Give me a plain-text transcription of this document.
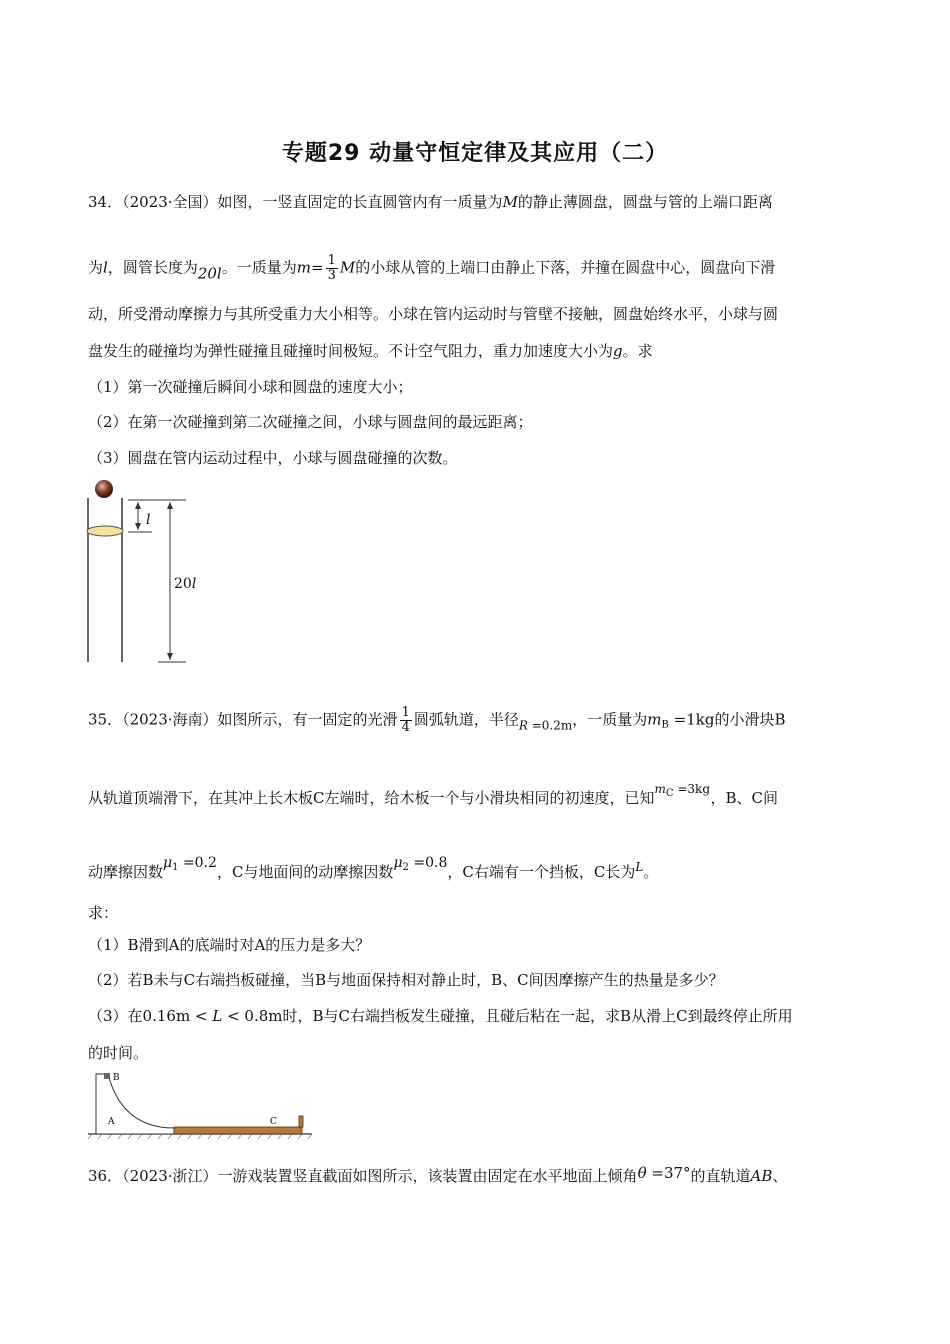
专题29 动量守恒定律及其应用（二）
34．（2023·全国）如图，一竖直固定的长直圆管内有一质量为M的静止薄圆盘，圆盘与管的上端口距离
为l，圆管长度为20l。一质量为$m= \frac{1}{3}$ M的小球从管的上端口由静止下落，并撞在圆盘中心，圆盘向下滑
动，所受滑动摩擦力与其所受重力大小相等。小球在管内运动时与管壁不接触，圆盘始终水平，小球与圆
盘发生的碰撞均为弹性碰撞且碰撞时间极短。不计空气阻力，重力加速度大小为g。求
（1）第一次碰撞后瞬间小球和圆盘的速度大小；
（2）在第一次碰撞到第二次碰撞之间，小球与圆盘间的最远距离；
（3）圆盘在管内运动过程中，小球与圆盘碰撞的次数。
l
20l
35．（2023·海南）如图所示，有一固定的光滑 $\frac{1}{4}$ 圆弧轨道，半径$_{R =0.2m}$，一质量为$m_B =1kg$的小滑块B
从轨道顶端滑下，在其冲上长木板C左端时，给木板一个与小滑块相同的初速度，已知$m_C =3kg$，B、C间
动摩擦因数$\mu_1 =0.2$，C与地面间的动摩擦因数$\mu_2 =0.8$，C右端有一个挡板，C长为$^L$。
求：
（1）B滑到A的底端时对A的压力是多大？
（2）若B未与C右端挡板碰撞，当B与地面保持相对静止时，B、C间因摩擦产生的热量是多少？
（3）在0.16m < L < 0.8m时，B与C右端挡板发生碰撞，且碰后粘在一起，求B从滑上C到最终停止所用
的时间。
B
A	C
36．（2023·浙江）一游戏装置竖直截面如图所示，该装置由固定在水平地面上倾角θ =37°的直轨道AB、
